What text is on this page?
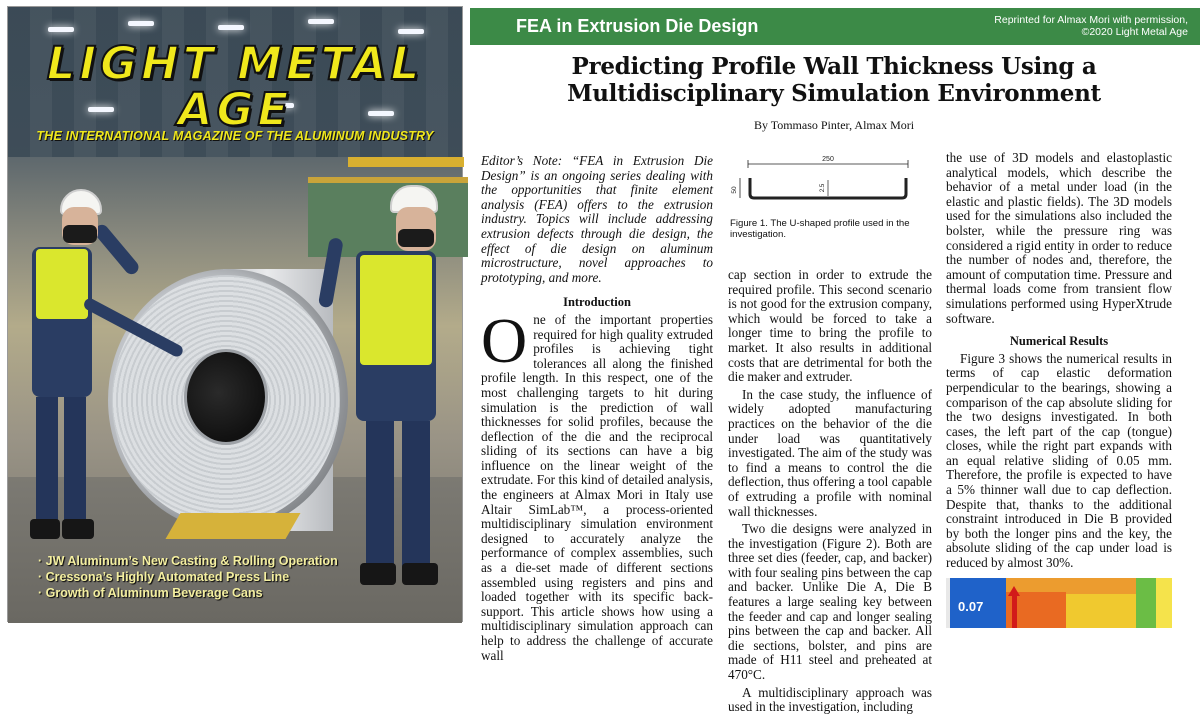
LIGHT METAL
AGE
THE INTERNATIONAL MAGAZINE OF THE ALUMINUM INDUSTRY
· JW Aluminum’s New Casting & Rolling Operation
· Cressona’s Highly Automated Press Line
· Growth of Aluminum Beverage Cans
FEA in Extrusion Die Design	Reprinted for Almax Mori with permission,
©2020 Light Metal Age
Predicting Profile Wall Thickness Using a
Multidisciplinary Simulation Environment
By Tommaso Pinter, Almax Mori

Editor’s Note: “FEA in Extrusion Die Design” is an ongoing series dealing with the opportunities that finite element analysis (FEA) offers to the extrusion industry. Topics will include addressing extrusion defects through die design, the effect of die design on aluminum microstructure, novel approaches to prototyping, and more.

Introduction

One of the important properties required for high quality extruded profiles is achieving tight tolerances all along the finished profile length. In this respect, one of the most challenging targets to hit during simulation is the prediction of wall thicknesses for solid profiles, because the deflection of the die and the reciprocal sliding of its sections can have a big influence on the linear weight of the extrudate. For this kind of detailed analysis, the engineers at Almax Mori in Italy use Altair SimLab™, a process-oriented multidisciplinary simulation environment designed to accurately analyze the performance of complex assemblies, such as a die-set made of different sections assembled using registers and pins and loaded together with its specific back-support. This article shows how using a multidisciplinary simulation approach can help to address the challenge of accurate wall

250
50	2.5
Figure 1. The U-shaped profile used in the investigation.

cap section in order to extrude the required profile. This second scenario is not good for the extrusion company, which would be forced to take a longer time to bring the profile to market. It also results in additional costs that are detrimental for both the die maker and extruder.

In the case study, the influence of widely adopted manufacturing practices on the behavior of the die under load was quantitatively investigated. The aim of the study was to find a means to control the die deflection, thus offering a tool capable of extruding a profile with nominal wall thicknesses.

Two die designs were analyzed in the investigation (Figure 2). Both are three set dies (feeder, cap, and backer) with four sealing pins between the cap and backer. Unlike Die A, Die B features a large sealing key between the feeder and cap and longer sealing pins between the cap and backer. All die sections, bolster, and pins are made of H11 steel and preheated at 470°C.

A multidisciplinary approach was used in the investigation, including

the use of 3D models and elastoplastic analytical models, which describe the behavior of a metal under load (in the elastic and plastic fields). The 3D models used for the simulations also included the bolster, while the pressure ring was considered a rigid entity in order to reduce the number of nodes and, therefore, the amount of computation time. Pressure and thermal loads come from transient flow simulations performed using HyperXtrude software.

Numerical Results

Figure 3 shows the numerical results in terms of cap elastic deformation perpendicular to the bearings, showing a comparison of the cap absolute sliding for the two designs investigated. In both cases, the left part of the cap (tongue) closes, while the right part expands with an equal relative sliding of 0.05 mm. Therefore, the profile is expected to have a 5% thinner wall due to cap deflection. Despite that, thanks to the additional constraint introduced in Die B provided by both the longer pins and the key, the absolute sliding of the cap under load is reduced by almost 30%.

0.07
